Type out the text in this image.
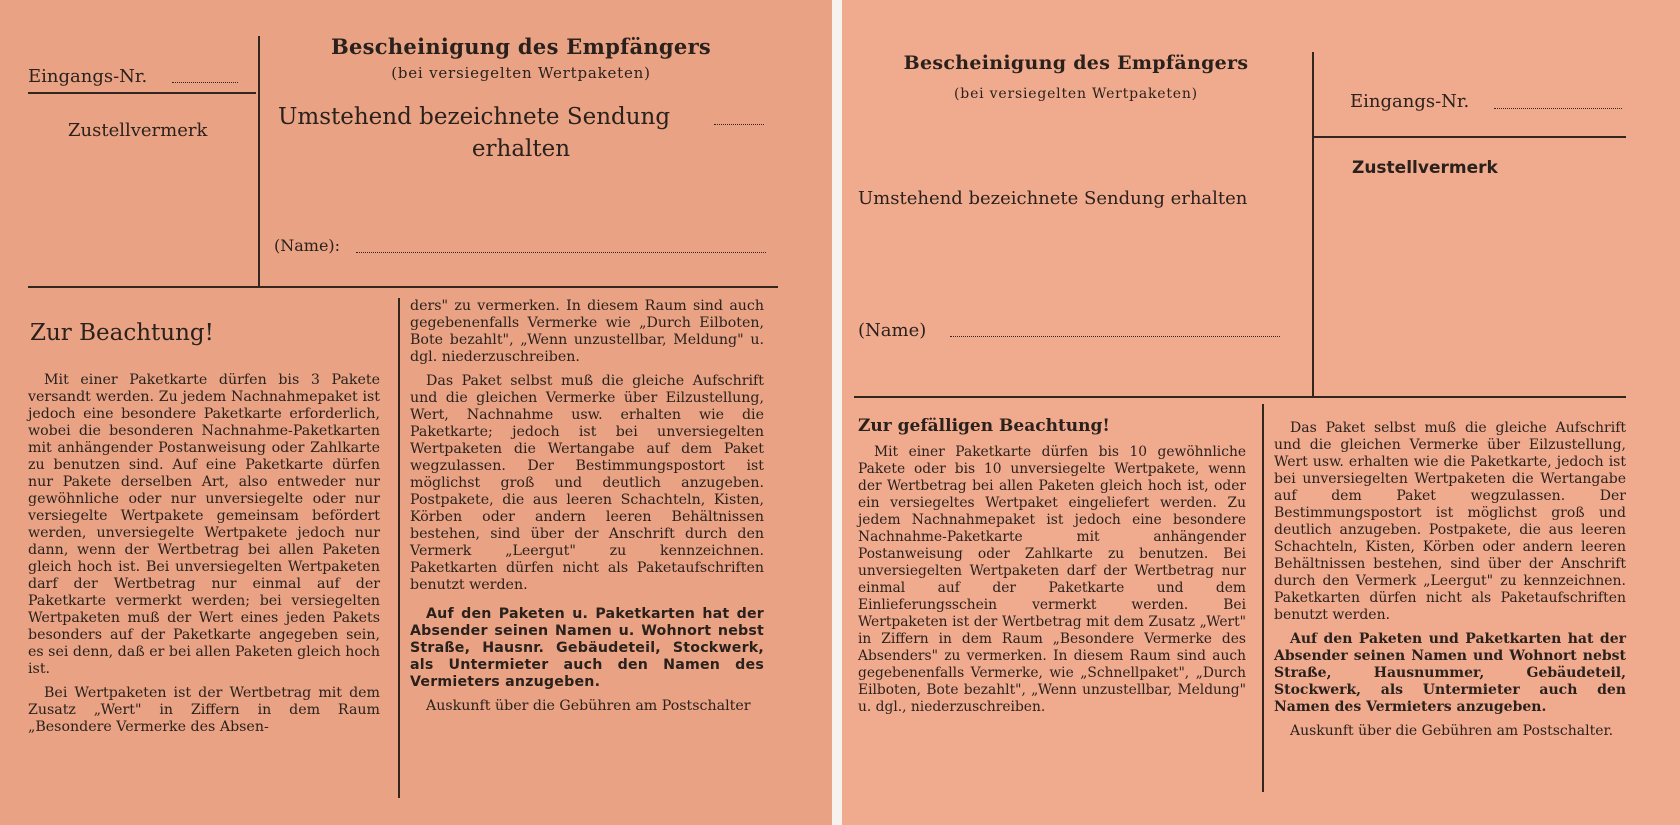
Eingangs-Nr.
Zustellvermerk
Bescheinigung des Empfängers
(bei versiegelten Wertpaketen)
Umstehend bezeichnete Sendung
erhalten
(Name):
Zur Beachtung!

Mit einer Paketkarte dürfen bis 3 Pakete versandt werden. Zu jedem Nachnahmepaket ist jedoch eine besondere Paketkarte erforderlich, wobei die besonderen Nachnahme-Paketkarten mit anhängender Postanweisung oder Zahlkarte zu benutzen sind. Auf eine Paketkarte dürfen nur Pakete derselben Art, also entweder nur gewöhnliche oder nur unversiegelte oder nur versiegelte Wertpakete gemeinsam befördert werden, unversiegelte Wertpakete jedoch nur dann, wenn der Wertbetrag bei allen Paketen gleich hoch ist. Bei unversiegelten Wertpaketen darf der Wertbetrag nur einmal auf der Paketkarte vermerkt werden; bei versiegelten Wertpaketen muß der Wert eines jeden Pakets besonders auf der Paketkarte angegeben sein, es sei denn, daß er bei allen Paketen gleich hoch ist.

Bei Wertpaketen ist der Wertbetrag mit dem Zusatz „Wert" in Ziffern in dem Raum „Besondere Vermerke des Absen-

ders" zu vermerken. In diesem Raum sind auch gegebenenfalls Vermerke wie „Durch Eilboten, Bote bezahlt", „Wenn unzustellbar, Meldung" u. dgl. niederzuschreiben.

Das Paket selbst muß die gleiche Aufschrift und die gleichen Vermerke über Eilzustellung, Wert, Nachnahme usw. erhalten wie die Paketkarte; jedoch ist bei unversiegelten Wertpaketen die Wertangabe auf dem Paket wegzulassen. Der Bestimmungspostort ist möglichst groß und deutlich anzugeben. Postpakete, die aus leeren Schachteln, Kisten, Körben oder andern leeren Behältnissen bestehen, sind über der Anschrift durch den Vermerk „Leergut" zu kennzeichnen. Paketkarten dürfen nicht als Paketaufschriften benutzt werden.

Auf den Paketen u. Paketkarten hat der Absender seinen Namen u. Wohnort nebst Straße, Hausnr. Gebäudeteil, Stockwerk, als Untermieter auch den Namen des Vermieters anzugeben.

Auskunft über die Gebühren am Postschalter

Bescheinigung des Empfängers
(bei versiegelten Wertpaketen)	Eingangs-Nr.
Zustellvermerk
Umstehend bezeichnete Sendung erhalten
(Name)
Zur gefälligen Beachtung!

Mit einer Paketkarte dürfen bis 10 gewöhnliche Pakete oder bis 10 unversiegelte Wertpakete, wenn der Wertbetrag bei allen Paketen gleich hoch ist, oder ein versiegeltes Wertpaket eingeliefert werden. Zu jedem Nachnahmepaket ist jedoch eine besondere Nachnahme-Paketkarte mit anhängender Postanweisung oder Zahlkarte zu benutzen. Bei unversiegelten Wertpaketen darf der Wertbetrag nur einmal auf der Paketkarte und dem Einlieferungsschein vermerkt werden. Bei Wertpaketen ist der Wertbetrag mit dem Zusatz „Wert" in Ziffern in dem Raum „Besondere Vermerke des Absenders" zu vermerken. In diesem Raum sind auch gegebenenfalls Vermerke, wie „Schnellpaket", „Durch Eilboten, Bote bezahlt", „Wenn unzustellbar, Meldung" u. dgl., niederzuschreiben.

Das Paket selbst muß die gleiche Aufschrift und die gleichen Vermerke über Eilzustellung, Wert usw. erhalten wie die Paketkarte, jedoch ist bei unversiegelten Wertpaketen die Wertangabe auf dem Paket wegzulassen. Der Bestimmungspostort ist möglichst groß und deutlich anzugeben. Postpakete, die aus leeren Schachteln, Kisten, Körben oder andern leeren Behältnissen bestehen, sind über der Anschrift durch den Vermerk „Leergut" zu kennzeichnen. Paketkarten dürfen nicht als Paketaufschriften benutzt werden.

Auf den Paketen und Paketkarten hat der Absender seinen Namen und Wohnort nebst Straße, Hausnummer, Gebäudeteil, Stockwerk, als Untermieter auch den Namen des Vermieters anzugeben.

Auskunft über die Gebühren am Postschalter.
